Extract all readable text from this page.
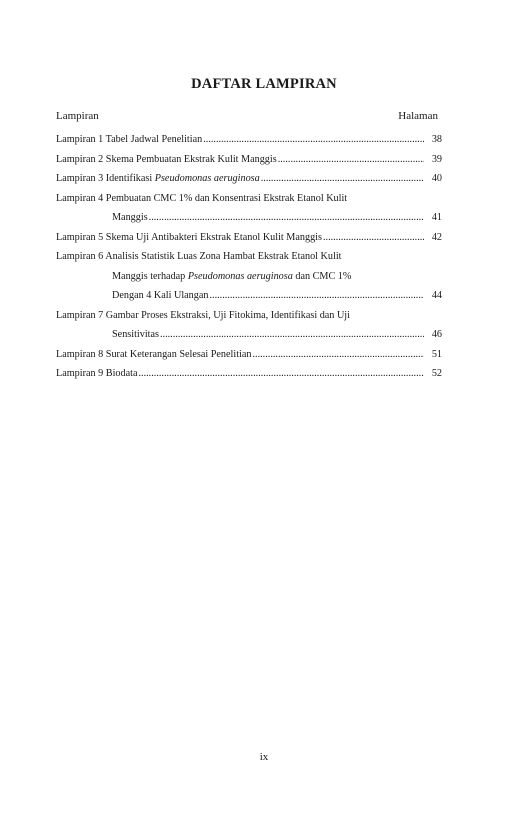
DAFTAR LAMPIRAN
Lampiran	Halaman
Lampiran 1 Tabel Jadwal Penelitian .....	38
Lampiran 2 Skema Pembuatan Ekstrak Kulit Manggis .....	39
Lampiran 3 Identifikasi Pseudomonas aeruginosa .....	40
Lampiran 4 Pembuatan CMC 1% dan Konsentrasi Ekstrak Etanol Kulit
Manggis .....	41
Lampiran 5 Skema Uji Antibakteri Ekstrak Etanol Kulit Manggis .....	42
Lampiran 6 Analisis Statistik Luas Zona Hambat Ekstrak Etanol Kulit
Manggis terhadap Pseudomonas aeruginosa dan CMC 1%
Dengan 4 Kali Ulangan .....	44
Lampiran 7 Gambar Proses Ekstraksi, Uji Fitokima, Identifikasi dan Uji
Sensitivitas .....	46
Lampiran 8 Surat Keterangan Selesai Penelitian .....	51
Lampiran 9 Biodata .....	52
ix
